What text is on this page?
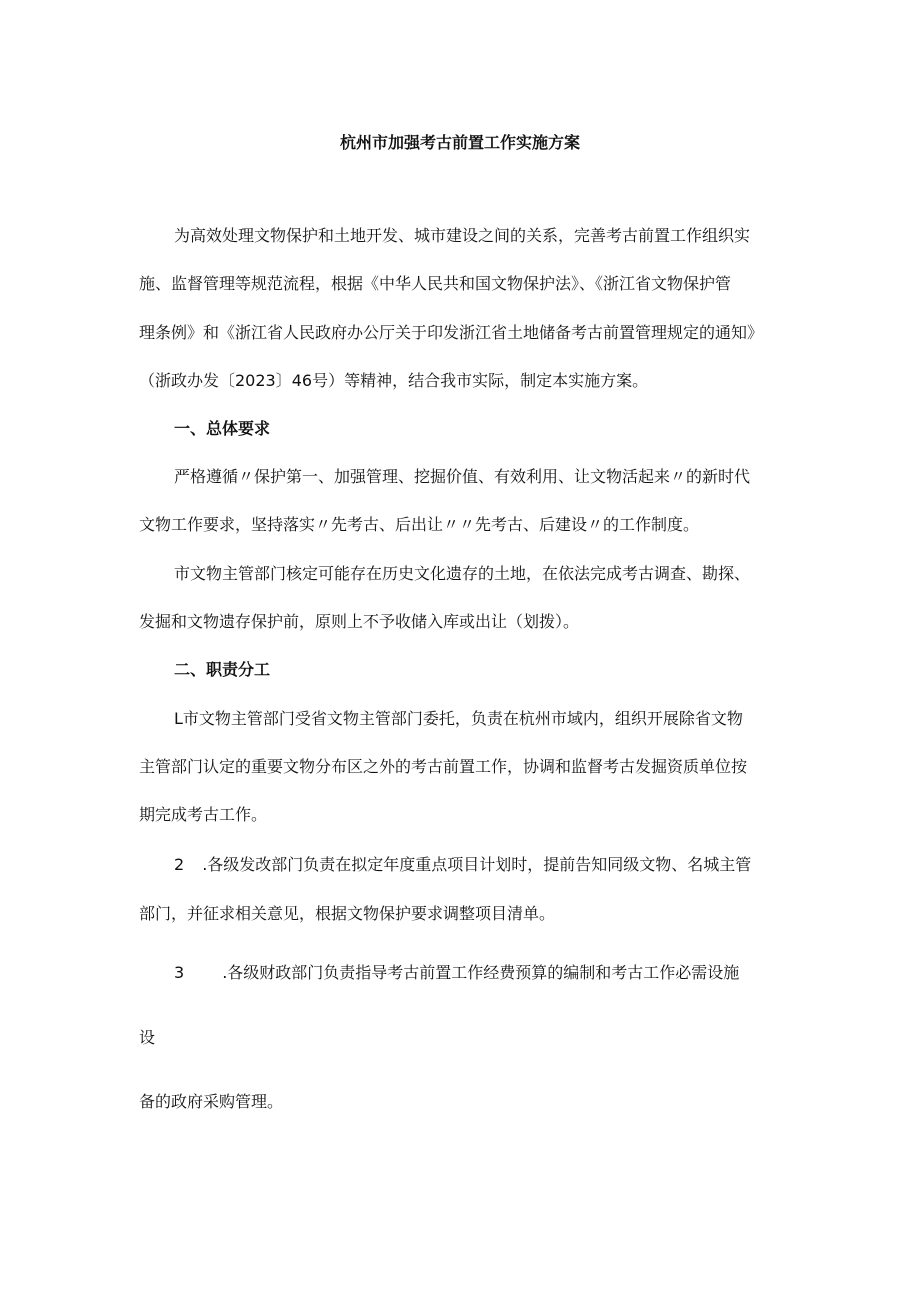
杭州市加强考古前置工作实施方案
为高效处理文物保护和土地开发、城市建设之间的关系，完善考古前置工作组织实
施、监督管理等规范流程，根据《中华人民共和国文物保护法》、《浙江省文物保护管
理条例》和《浙江省人民政府办公厅关于印发浙江省土地储备考古前置管理规定的通知》
（浙政办发〔2023〕46号）等精神，结合我市实际，制定本实施方案。
一、总体要求
严格遵循〃保护第一、加强管理、挖掘价值、有效利用、让文物活起来〃的新时代
文物工作要求，坚持落实〃先考古、后出让〃〃先考古、后建设〃的工作制度。
市文物主管部门核定可能存在历史文化遗存的土地，在依法完成考古调查、勘探、
发掘和文物遗存保护前，原则上不予收储入库或出让（划拨）。
二、职责分工
L市文物主管部门受省文物主管部门委托，负责在杭州市域内，组织开展除省文物
主管部门认定的重要文物分布区之外的考古前置工作，协调和监督考古发掘资质单位按
期完成考古工作。
2 .各级发改部门负责在拟定年度重点项目计划时，提前告知同级文物、名城主管
部门，并征求相关意见，根据文物保护要求调整项目清单。
3 .各级财政部门负责指导考古前置工作经费预算的编制和考古工作必需设施
设
备的政府采购管理。
